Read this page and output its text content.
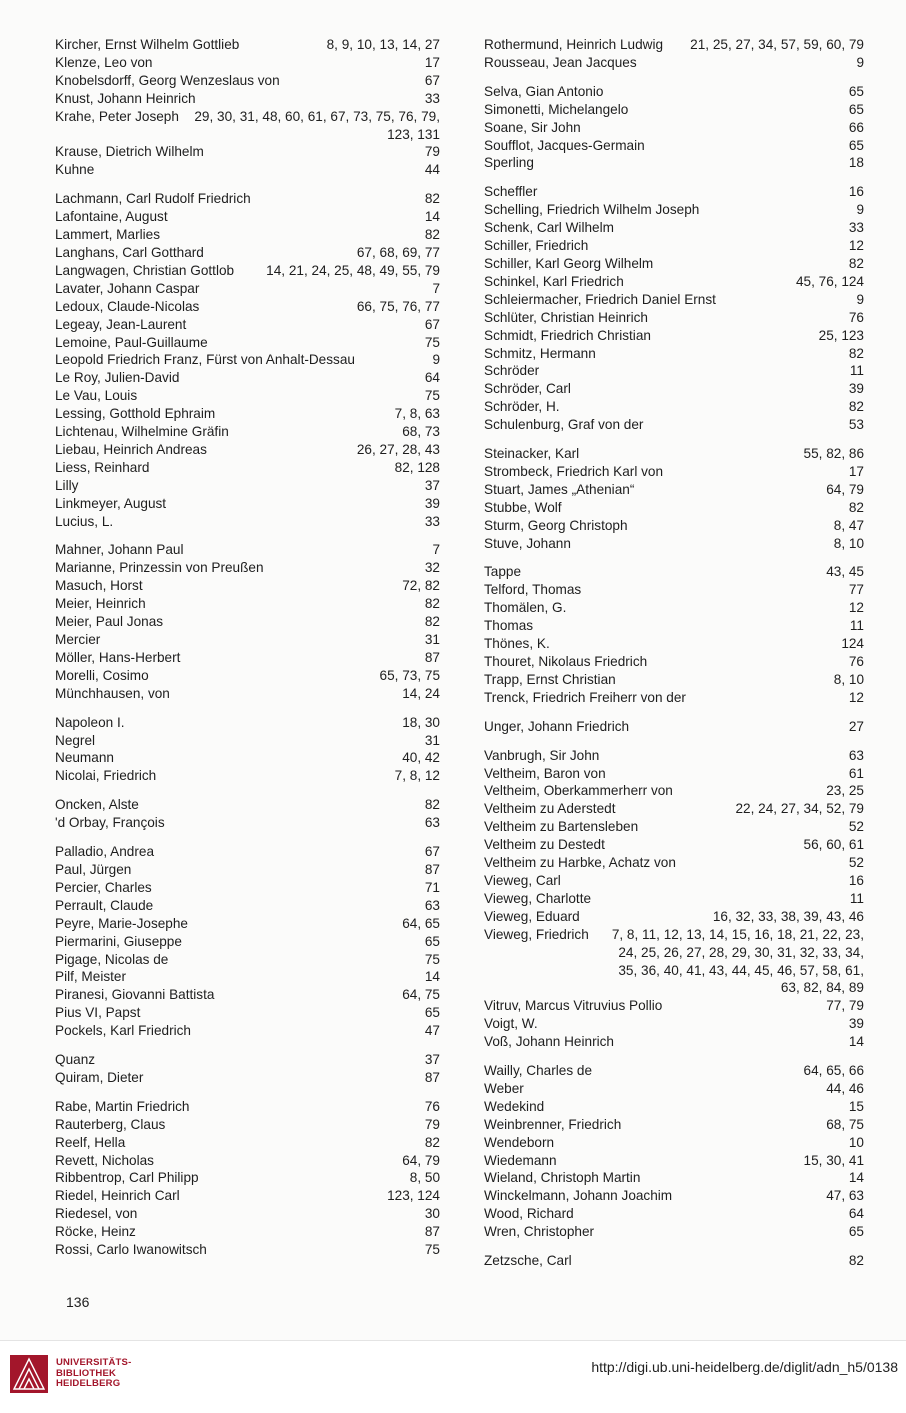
Kircher, Ernst Wilhelm Gottlieb	8, 9, 10, 13, 14, 27
Klenze, Leo von	17
Knobelsdorff, Georg Wenzeslaus von	67
Knust, Johann Heinrich	33
Krahe, Peter Joseph	29, 30, 31, 48, 60, 61, 67, 73, 75, 76, 79, 123, 131
Krause, Dietrich Wilhelm	79
Kuhne	44
Lachmann, Carl Rudolf Friedrich	82
Lafontaine, August	14
Lammert, Marlies	82
Langhans, Carl Gotthard	67, 68, 69, 77
Langwagen, Christian Gottlob	14, 21, 24, 25, 48, 49, 55, 79
Lavater, Johann Caspar	7
Ledoux, Claude-Nicolas	66, 75, 76, 77
Legeay, Jean-Laurent	67
Lemoine, Paul-Guillaume	75
Leopold Friedrich Franz, Fürst von Anhalt-Dessau	9
Le Roy, Julien-David	64
Le Vau, Louis	75
Lessing, Gotthold Ephraim	7, 8, 63
Lichtenau, Wilhelmine Gräfin	68, 73
Liebau, Heinrich Andreas	26, 27, 28, 43
Liess, Reinhard	82, 128
Lilly	37
Linkmeyer, August	39
Lucius, L.	33
Mahner, Johann Paul	7
Marianne, Prinzessin von Preußen	32
Masuch, Horst	72, 82
Meier, Heinrich	82
Meier, Paul Jonas	82
Mercier	31
Möller, Hans-Herbert	87
Morelli, Cosimo	65, 73, 75
Münchhausen, von	14, 24
Napoleon I.	18, 30
Negrel	31
Neumann	40, 42
Nicolai, Friedrich	7, 8, 12
Oncken, Alste	82
'd Orbay, François	63
Palladio, Andrea	67
Paul, Jürgen	87
Percier, Charles	71
Perrault, Claude	63
Peyre, Marie-Josephe	64, 65
Piermarini, Giuseppe	65
Pigage, Nicolas de	75
Pilf, Meister	14
Piranesi, Giovanni Battista	64, 75
Pius VI, Papst	65
Pockels, Karl Friedrich	47
Quanz	37
Quiram, Dieter	87
Rabe, Martin Friedrich	76
Rauterberg, Claus	79
Reelf, Hella	82
Revett, Nicholas	64, 79
Ribbentrop, Carl Philipp	8, 50
Riedel, Heinrich Carl	123, 124
Riedesel, von	30
Röcke, Heinz	87
Rossi, Carlo Iwanowitsch	75
Rothermund, Heinrich Ludwig	21, 25, 27, 34, 57, 59, 60, 79
Rousseau, Jean Jacques	9
Selva, Gian Antonio	65
Simonetti, Michelangelo	65
Soane, Sir John	66
Soufflot, Jacques-Germain	65
Sperling	18
Scheffler	16
Schelling, Friedrich Wilhelm Joseph	9
Schenk, Carl Wilhelm	33
Schiller, Friedrich	12
Schiller, Karl Georg Wilhelm	82
Schinkel, Karl Friedrich	45, 76, 124
Schleiermacher, Friedrich Daniel Ernst	9
Schlüter, Christian Heinrich	76
Schmidt, Friedrich Christian	25, 123
Schmitz, Hermann	82
Schröder	11
Schröder, Carl	39
Schröder, H.	82
Schulenburg, Graf von der	53
Steinacker, Karl	55, 82, 86
Strombeck, Friedrich Karl von	17
Stuart, James „Athenian“	64, 79
Stubbe, Wolf	82
Sturm, Georg Christoph	8, 47
Stuve, Johann	8, 10
Tappe	43, 45
Telford, Thomas	77
Thomälen, G.	12
Thomas	11
Thönes, K.	124
Thouret, Nikolaus Friedrich	76
Trapp, Ernst Christian	8, 10
Trenck, Friedrich Freiherr von der	12
Unger, Johann Friedrich	27
Vanbrugh, Sir John	63
Veltheim, Baron von	61
Veltheim, Oberkammerherr von	23, 25
Veltheim zu Aderstedt	22, 24, 27, 34, 52, 79
Veltheim zu Bartensleben	52
Veltheim zu Destedt	56, 60, 61
Veltheim zu Harbke, Achatz von	52
Vieweg, Carl	16
Vieweg, Charlotte	11
Vieweg, Eduard	16, 32, 33, 38, 39, 43, 46
Vieweg, Friedrich	7, 8, 11, 12, 13, 14, 15, 16, 18, 21, 22, 23, 24, 25, 26, 27, 28, 29, 30, 31, 32, 33, 34, 35, 36, 40, 41, 43, 44, 45, 46, 57, 58, 61, 63, 82, 84, 89
Vitruv, Marcus Vitruvius Pollio	77, 79
Voigt, W.	39
Voß, Johann Heinrich	14
Wailly, Charles de	64, 65, 66
Weber	44, 46
Wedekind	15
Weinbrenner, Friedrich	68, 75
Wendeborn	10
Wiedemann	15, 30, 41
Wieland, Christoph Martin	14
Winckelmann, Johann Joachim	47, 63
Wood, Richard	64
Wren, Christopher	65
Zetzsche, Carl	82
136
UNIVERSITÄTS-
BIBLIOTHEK
HEIDELBERG
http://digi.ub.uni-heidelberg.de/diglit/adn_h5/0138
